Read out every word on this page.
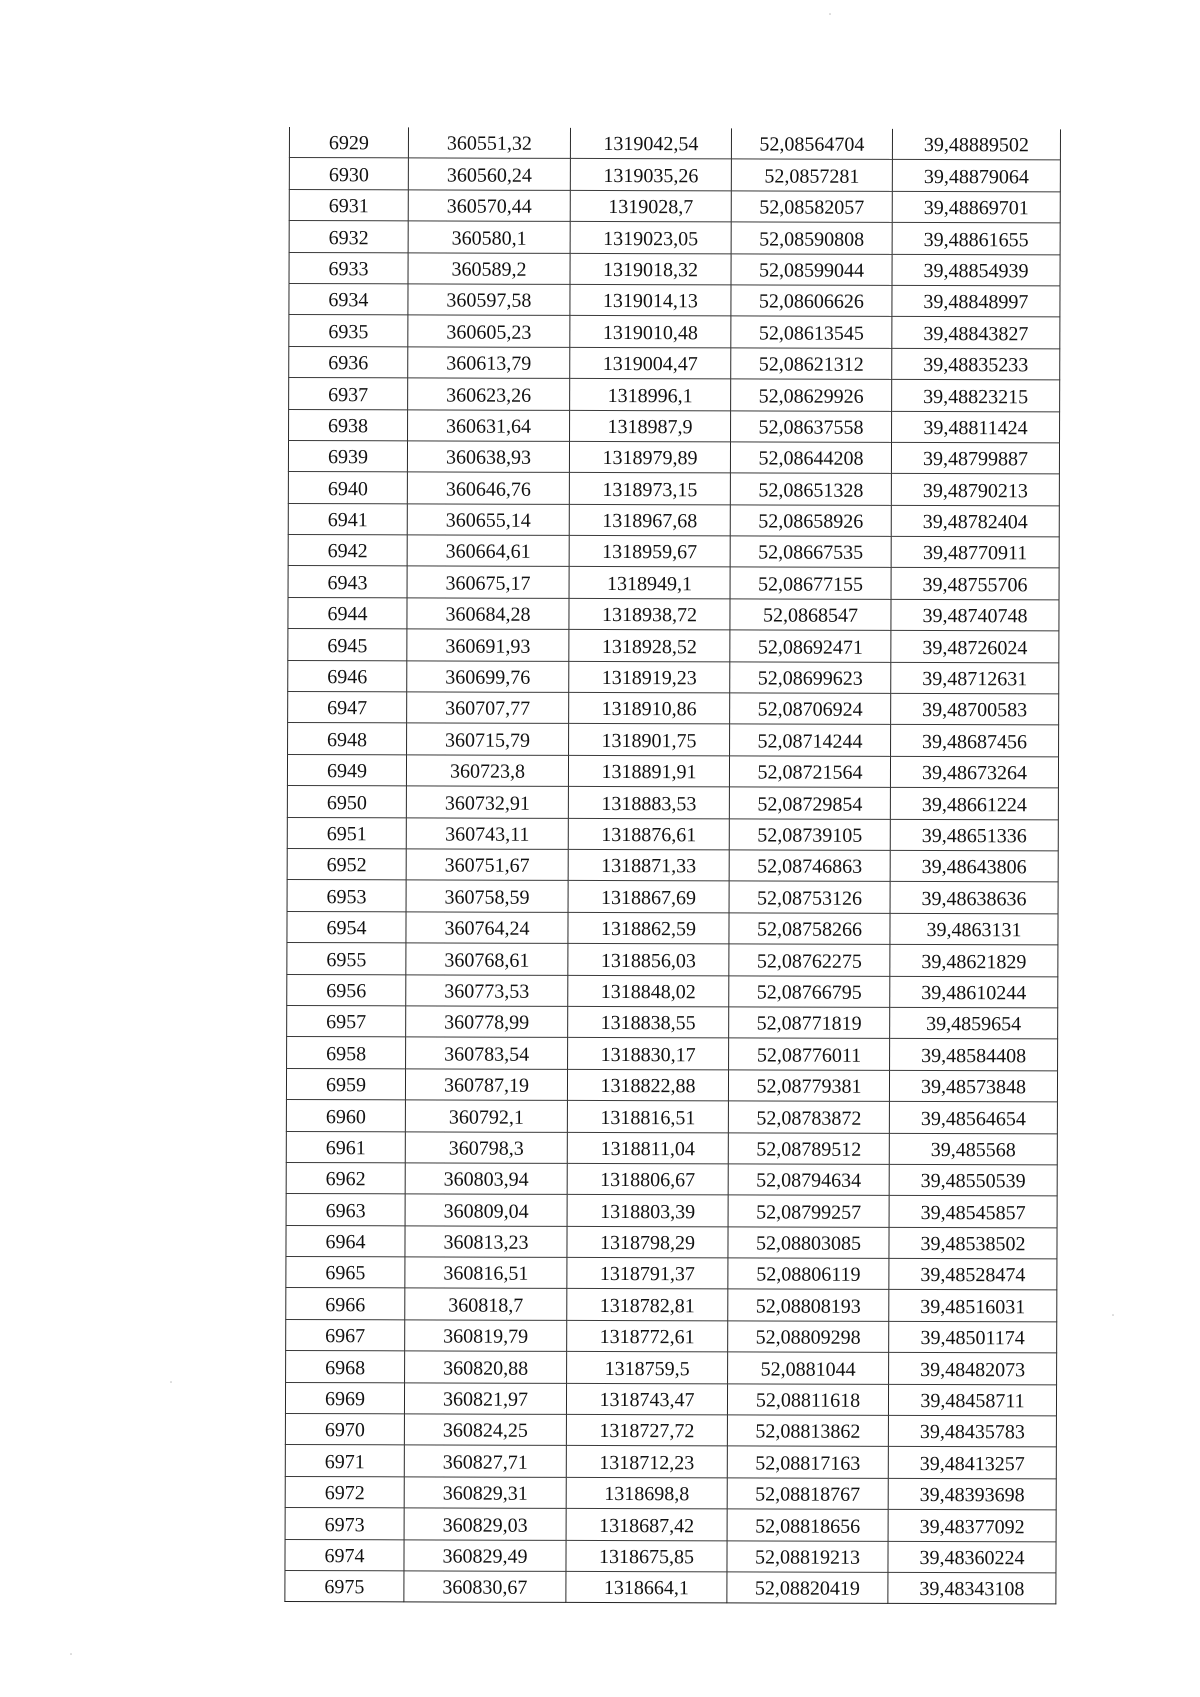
6929	360551,32	1319042,54	52,08564704	39,48889502
6930	360560,24	1319035,26	52,0857281	39,48879064
6931	360570,44	1319028,7	52,08582057	39,48869701
6932	360580,1	1319023,05	52,08590808	39,48861655
6933	360589,2	1319018,32	52,08599044	39,48854939
6934	360597,58	1319014,13	52,08606626	39,48848997
6935	360605,23	1319010,48	52,08613545	39,48843827
6936	360613,79	1319004,47	52,08621312	39,48835233
6937	360623,26	1318996,1	52,08629926	39,48823215
6938	360631,64	1318987,9	52,08637558	39,48811424
6939	360638,93	1318979,89	52,08644208	39,48799887
6940	360646,76	1318973,15	52,08651328	39,48790213
6941	360655,14	1318967,68	52,08658926	39,48782404
6942	360664,61	1318959,67	52,08667535	39,48770911
6943	360675,17	1318949,1	52,08677155	39,48755706
6944	360684,28	1318938,72	52,0868547	39,48740748
6945	360691,93	1318928,52	52,08692471	39,48726024
6946	360699,76	1318919,23	52,08699623	39,48712631
6947	360707,77	1318910,86	52,08706924	39,48700583
6948	360715,79	1318901,75	52,08714244	39,48687456
6949	360723,8	1318891,91	52,08721564	39,48673264
6950	360732,91	1318883,53	52,08729854	39,48661224
6951	360743,11	1318876,61	52,08739105	39,48651336
6952	360751,67	1318871,33	52,08746863	39,48643806
6953	360758,59	1318867,69	52,08753126	39,48638636
6954	360764,24	1318862,59	52,08758266	39,4863131
6955	360768,61	1318856,03	52,08762275	39,48621829
6956	360773,53	1318848,02	52,08766795	39,48610244
6957	360778,99	1318838,55	52,08771819	39,4859654
6958	360783,54	1318830,17	52,08776011	39,48584408
6959	360787,19	1318822,88	52,08779381	39,48573848
6960	360792,1	1318816,51	52,08783872	39,48564654
6961	360798,3	1318811,04	52,08789512	39,485568
6962	360803,94	1318806,67	52,08794634	39,48550539
6963	360809,04	1318803,39	52,08799257	39,48545857
6964	360813,23	1318798,29	52,08803085	39,48538502
6965	360816,51	1318791,37	52,08806119	39,48528474
6966	360818,7	1318782,81	52,08808193	39,48516031
6967	360819,79	1318772,61	52,08809298	39,48501174
6968	360820,88	1318759,5	52,0881044	39,48482073
6969	360821,97	1318743,47	52,08811618	39,48458711
6970	360824,25	1318727,72	52,08813862	39,48435783
6971	360827,71	1318712,23	52,08817163	39,48413257
6972	360829,31	1318698,8	52,08818767	39,48393698
6973	360829,03	1318687,42	52,08818656	39,48377092
6974	360829,49	1318675,85	52,08819213	39,48360224
6975	360830,67	1318664,1	52,08820419	39,48343108
